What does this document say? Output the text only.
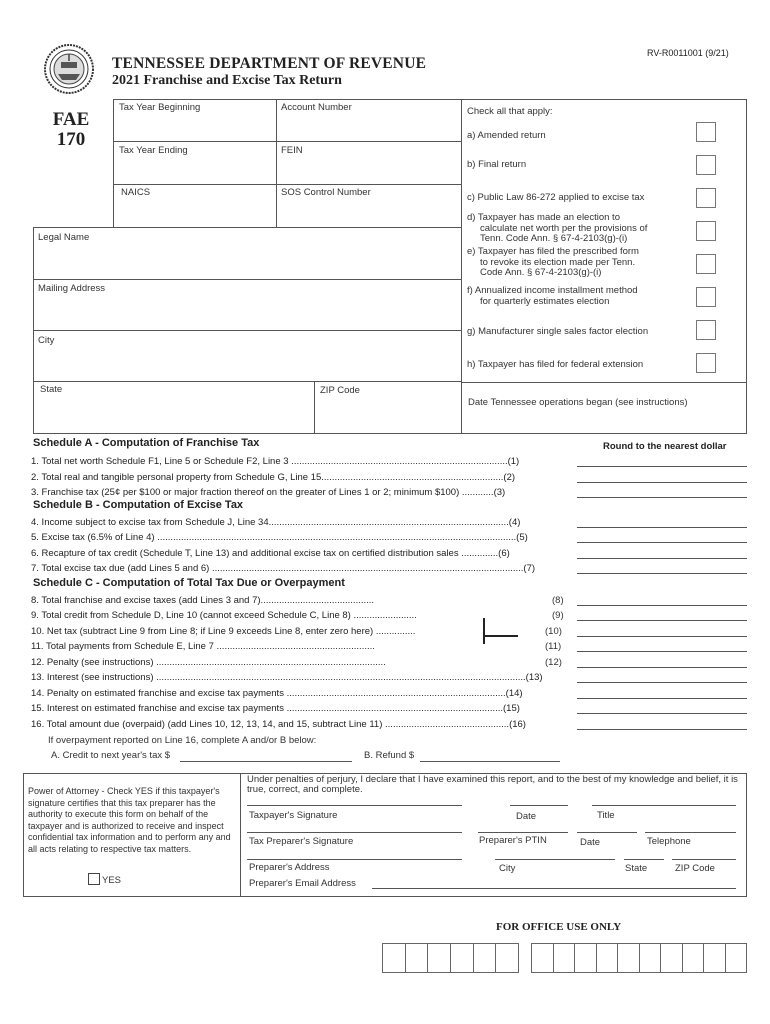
TENNESSEE DEPARTMENT OF REVENUE
2021 Franchise and Excise Tax Return
RV-R0011001 (9/21)
FAE
170
Tax Year Beginning	Account Number
Tax Year Ending	FEIN
NAICS	SOS Control Number
Legal Name
Mailing Address
City
State	ZIP Code
Check all that apply:
a) Amended return
b) Final return
c) Public Law 86-272 applied to excise tax
d) Taxpayer has made an election to
calculate net worth per the provisions of
Tenn. Code Ann. § 67-4-2103(g)-(i)
e) Taxpayer has filed the prescribed form
to revoke its election made per Tenn.
Code Ann. § 67-4-2103(g)-(i)
f) Annualized income installment method
for quarterly estimates election
g) Manufacturer single sales factor election
h) Taxpayer has filed for federal extension
Date Tennessee operations began (see instructions)
Schedule A - Computation of Franchise Tax	Round to the nearest dollar
1. Total net worth Schedule F1, Line 5 or Schedule F2, Line 3 ..................................................................................(1)
2. Total real and tangible personal property from Schedule G, Line 15.....................................................................(2)
3. Franchise tax (25¢ per $100 or major fraction thereof on the greater of Lines 1 or 2; minimum $100) ............(3)
Schedule B - Computation of Excise Tax
4. Income subject to excise tax from Schedule J, Line 34...........................................................................................(4)
5. Excise tax (6.5% of Line 4) ........................................................................................................................................(5)
6. Recapture of tax credit (Schedule T, Line 13) and additional excise tax on certified distribution sales ..............(6)
7. Total excise tax due (add Lines 5 and 6) ......................................................................................................................(7)
Schedule C - Computation of Total Tax Due or Overpayment
8. Total franchise and excise taxes (add Lines 3 and 7)...........................................	(8)
9. Total credit from Schedule D, Line 10 (cannot exceed Schedule C, Line 8) ........................	(9)
10. Net tax (subtract Line 9 from Line 8; if Line 9 exceeds Line 8, enter zero here) ...............	(10)
11. Total payments from Schedule E, Line 7 ............................................................	(11)
12. Penalty (see instructions) .......................................................................................	(12)
13. Interest (see instructions) ............................................................................................................................................(13)
14. Penalty on estimated franchise and excise tax payments ...................................................................................(14)
15. Interest on estimated franchise and excise tax payments ..................................................................................(15)
16. Total amount due (overpaid) (add Lines 10, 12, 13, 14, and 15, subtract Line 11) ...............................................(16)
If overpayment reported on Line 16, complete A and/or B below:
A. Credit to next year's tax $	B. Refund $
Power of Attorney - Check YES if this taxpayer's signature certifies that this tax preparer has the authority to execute this form on behalf of the taxpayer and is authorized to receive and inspect confidential tax information and to perform any and all acts relating to respective tax matters.
YES
Under penalties of perjury, I declare that I have examined this report, and to the best of my knowledge and belief, it is true, correct, and complete.
Taxpayer's Signature	Date	Title
Tax Preparer's Signature	Preparer's PTIN	Date	Telephone
Preparer's Address	City	State	ZIP Code
Preparer's Email Address
FOR OFFICE USE ONLY
